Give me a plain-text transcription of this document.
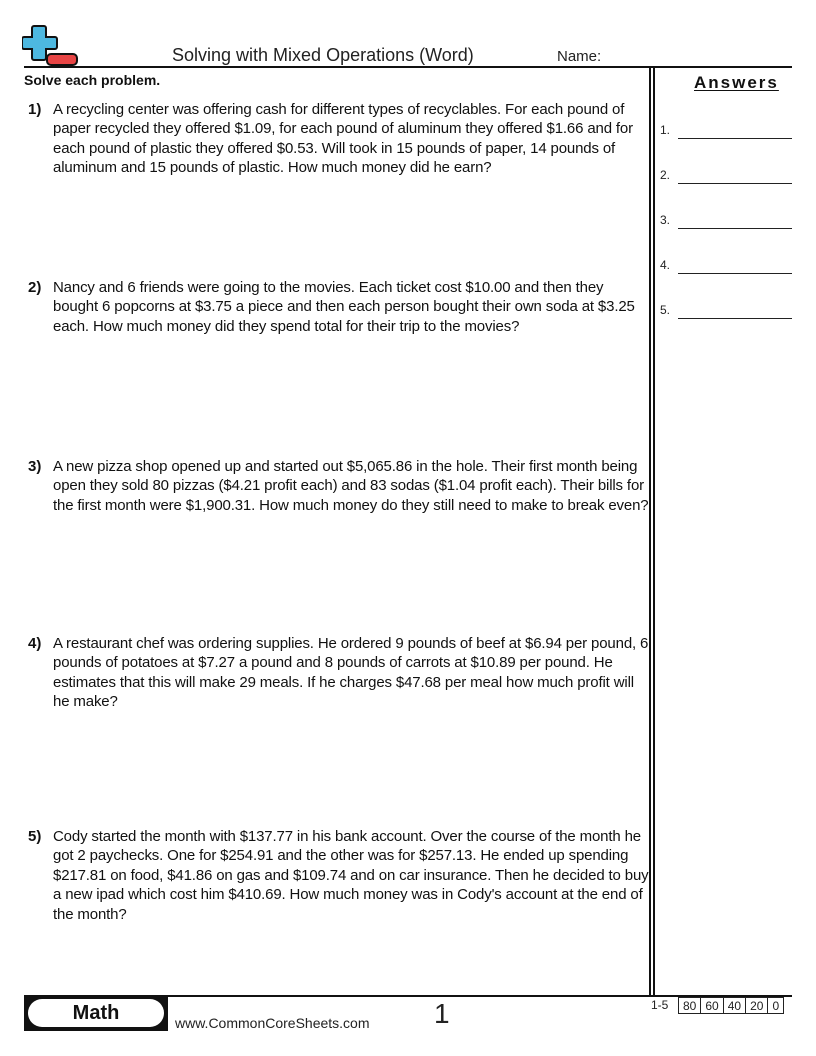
Solving with Mixed Operations (Word)	Name:
Solve each problem.
1) A recycling center was offering cash for different types of recyclables. For each pound of paper recycled they offered $1.09, for each pound of aluminum they offered $1.66 and for each pound of plastic they offered $0.53. Will took in 15 pounds of paper, 14 pounds of aluminum and 15 pounds of plastic. How much money did he earn?
2) Nancy and 6 friends were going to the movies. Each ticket cost $10.00 and then they bought 6 popcorns at $3.75 a piece and then each person bought their own soda at $3.25 each. How much money did they spend total for their trip to the movies?
3) A new pizza shop opened up and started out $5,065.86 in the hole. Their first month being open they sold 80 pizzas ($4.21 profit each) and 83 sodas ($1.04 profit each). Their bills for the first month were $1,900.31. How much money do they still need to make to break even?
4) A restaurant chef was ordering supplies. He ordered 9 pounds of beef at $6.94 per pound, 6 pounds of potatoes at $7.27 a pound and 8 pounds of carrots at $10.89 per pound. He estimates that this will make 29 meals. If he charges $47.68 per meal how much profit will he make?
5) Cody started the month with $137.77 in his bank account. Over the course of the month he got 2 paychecks. One for $254.91 and the other was for $257.13. He ended up spending $217.81 on food, $41.86 on gas and $109.74 and on car insurance. Then he decided to buy a new ipad which cost him $410.69. How much money was in Cody's account at the end of the month?
Answers
1.
2.
3.
4.
5.
Math	www.CommonCoreSheets.com 1	1-5 80	60	40	20	0
